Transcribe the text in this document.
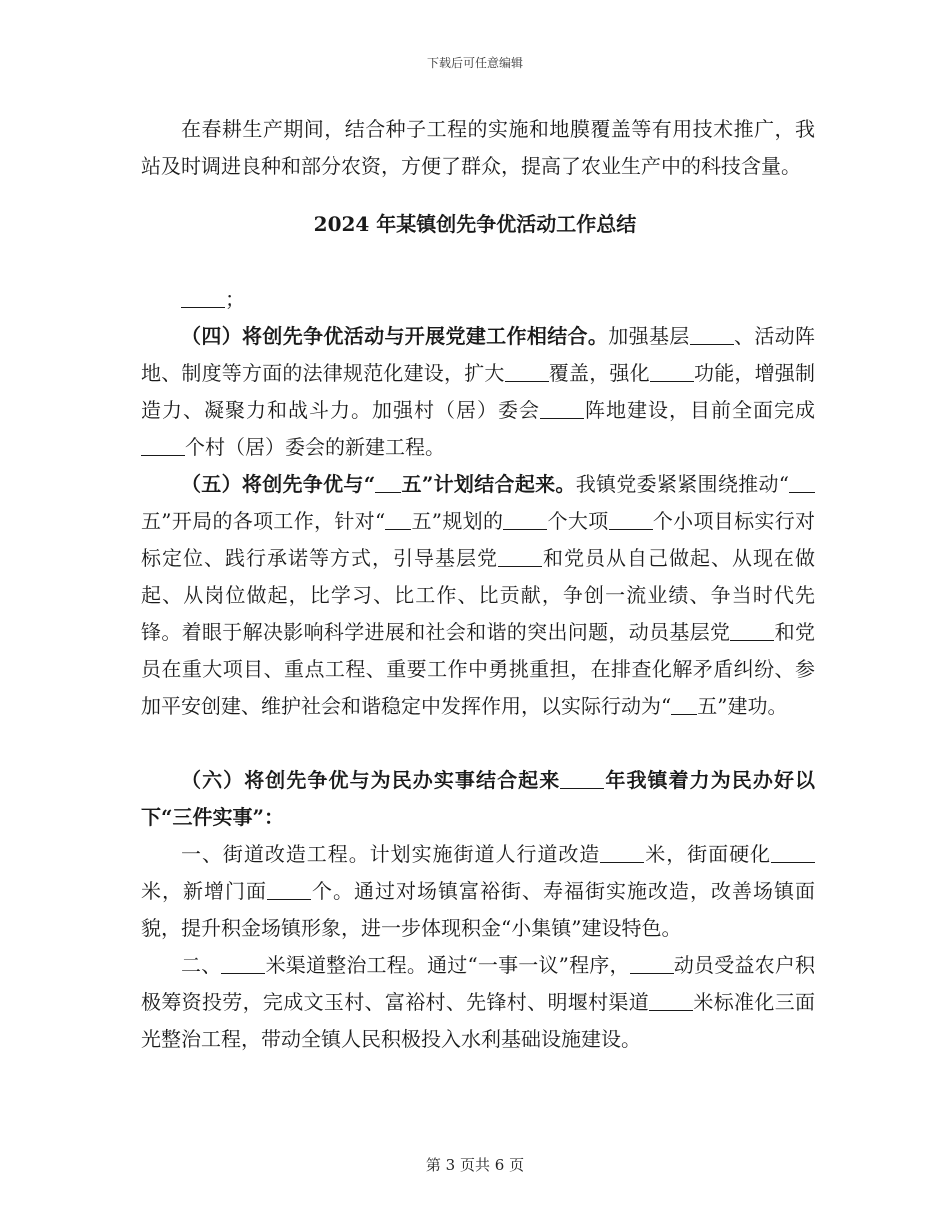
下载后可任意编辑

在春耕生产期间，结合种子工程的实施和地膜覆盖等有用技术推广，我站及时调进良种和部分农资，方便了群众，提高了农业生产中的科技含量。

2024 年某镇创先争优活动工作总结

；

（四）将创先争优活动与开展党建工作相结合。加强基层 、活动阵地、制度等方面的法律规范化建设，扩大 覆盖，强化 功能，增强制造力、凝聚力和战斗力。加强村（居）委会 阵地建设，目前全面完成个村（居）委会的新建工程。

（五）将创先争优与“ 五”计划结合起来。我镇党委紧紧围绕推动“五”开局的各项工作，针对“ 五”规划的 个大项 个小项目标实行对标定位、践行承诺等方式，引导基层党 和党员从自己做起、从现在做起、从岗位做起，比学习、比工作、比贡献，争创一流业绩、争当时代先锋。着眼于解决影响科学进展和社会和谐的突出问题，动员基层党 和党员在重大项目、重点工程、重要工作中勇挑重担，在排查化解矛盾纠纷、参加平安创建、维护社会和谐稳定中发挥作用，以实际行动为“ 五”建功。

（六）将创先争优与为民办实事结合起来 年我镇着力为民办好以下“三件实事”：

一、街道改造工程。计划实施街道人行道改造 米，街面硬化米，新增门面 个。通过对场镇富裕街、寿福街实施改造，改善场镇面貌，提升积金场镇形象，进一步体现积金“小集镇”建设特色。

二、 米渠道整治工程。通过“一事一议”程序， 动员受益农户积极筹资投劳，完成文玉村、富裕村、先锋村、明堰村渠道 米标准化三面光整治工程，带动全镇人民积极投入水利基础设施建设。

第 3 页共 6 页
